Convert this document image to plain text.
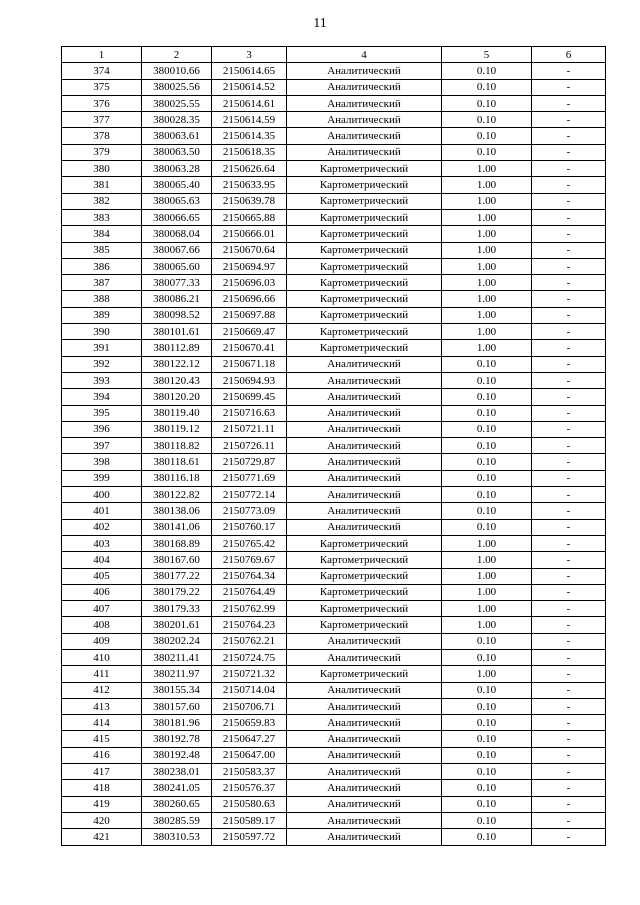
11
1	2	3	4	5	6
374	380010.66	2150614.65	Аналитический	0.10	-
375	380025.56	2150614.52	Аналитический	0.10	-
376	380025.55	2150614.61	Аналитический	0.10	-
377	380028.35	2150614.59	Аналитический	0.10	-
378	380063.61	2150614.35	Аналитический	0.10	-
379	380063.50	2150618.35	Аналитический	0.10	-
380	380063.28	2150626.64	Картометрический	1.00	-
381	380065.40	2150633.95	Картометрический	1.00	-
382	380065.63	2150639.78	Картометрический	1.00	-
383	380066.65	2150665.88	Картометрический	1.00	-
384	380068.04	2150666.01	Картометрический	1.00	-
385	380067.66	2150670.64	Картометрический	1.00	-
386	380065.60	2150694.97	Картометрический	1.00	-
387	380077.33	2150696.03	Картометрический	1.00	-
388	380086.21	2150696.66	Картометрический	1.00	-
389	380098.52	2150697.88	Картометрический	1.00	-
390	380101.61	2150669.47	Картометрический	1.00	-
391	380112.89	2150670.41	Картометрический	1.00	-
392	380122.12	2150671.18	Аналитический	0.10	-
393	380120.43	2150694.93	Аналитический	0.10	-
394	380120.20	2150699.45	Аналитический	0.10	-
395	380119.40	2150716.63	Аналитический	0.10	-
396	380119.12	2150721.11	Аналитический	0.10	-
397	380118.82	2150726.11	Аналитический	0.10	-
398	380118.61	2150729.87	Аналитический	0.10	-
399	380116.18	2150771.69	Аналитический	0.10	-
400	380122.82	2150772.14	Аналитический	0.10	-
401	380138.06	2150773.09	Аналитический	0.10	-
402	380141.06	2150760.17	Аналитический	0.10	-
403	380168.89	2150765.42	Картометрический	1.00	-
404	380167.60	2150769.67	Картометрический	1.00	-
405	380177.22	2150764.34	Картометрический	1.00	-
406	380179.22	2150764.49	Картометрический	1.00	-
407	380179.33	2150762.99	Картометрический	1.00	-
408	380201.61	2150764.23	Картометрический	1.00	-
409	380202.24	2150762.21	Аналитический	0.10	-
410	380211.41	2150724.75	Аналитический	0.10	-
411	380211.97	2150721.32	Картометрический	1.00	-
412	380155.34	2150714.04	Аналитический	0.10	-
413	380157.60	2150706.71	Аналитический	0.10	-
414	380181.96	2150659.83	Аналитический	0.10	-
415	380192.78	2150647.27	Аналитический	0.10	-
416	380192.48	2150647.00	Аналитический	0.10	-
417	380238.01	2150583.37	Аналитический	0.10	-
418	380241.05	2150576.37	Аналитический	0.10	-
419	380260.65	2150580.63	Аналитический	0.10	-
420	380285.59	2150589.17	Аналитический	0.10	-
421	380310.53	2150597.72	Аналитический	0.10	-
